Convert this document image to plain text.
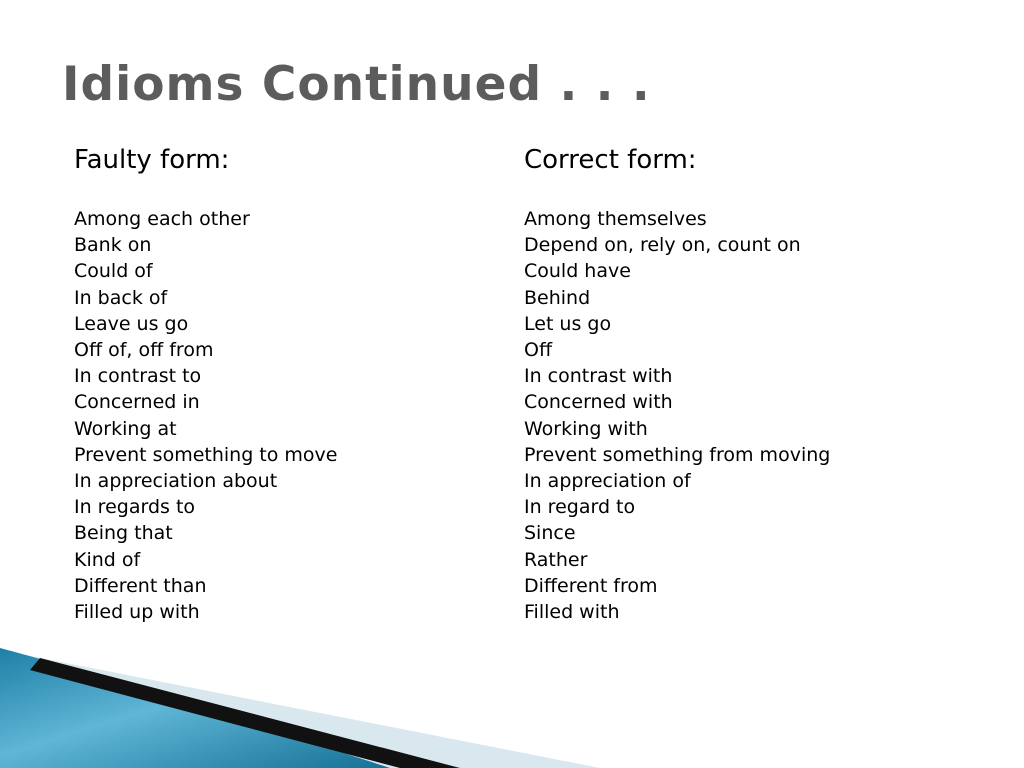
Idioms Continued . . .
Faulty form:
Among each other
Bank on
Could of
In back of
Leave us go
Off of, off from
In contrast to
Concerned in
Working at
Prevent something to move
In appreciation about
In regards to
Being that
Kind of
Different than
Filled up with
Correct form:
Among themselves
Depend on, rely on, count on
Could have
Behind
Let us go
Off
In contrast with
Concerned with
Working with
Prevent something from moving
In appreciation of
In regard to
Since
Rather
Different from
Filled with
